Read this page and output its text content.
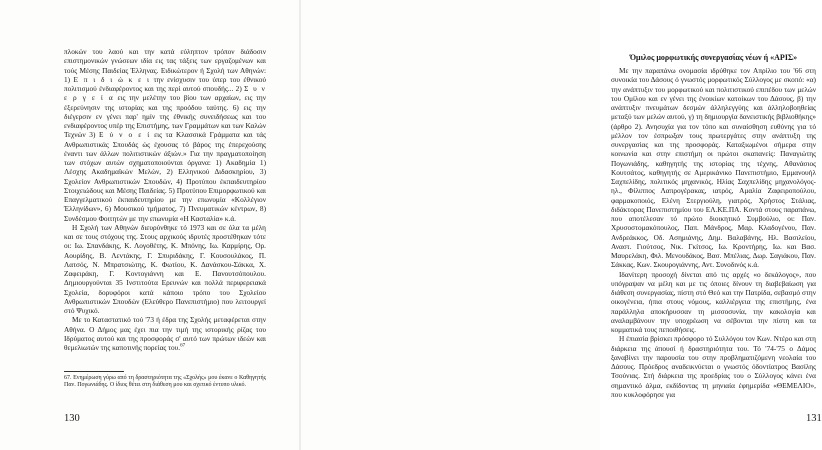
πλοκών του λαού και την κατά εύληπτον τρόπον διάδοσιν επιστημονικών γνώσεων ιδία εις τας τάξεις των εργαζομένων και τούς Μέσης Παιδείας Έλληνας. Ειδικώτερον ή Σχολή των Αθηνών: 1) Ε π ι δ ι ώ κ ε ι την ενίσχυσιν του ύπερ του έθνικού πολιτισμού ένδιαφέροντος και της περί αυτού σπουδής... 2) Σ υ ν ε ρ γ ε ί α εις την μελέτην του βίου των αρχαίων, εις την έξερεύνησιν της ιστορίας και της προόδου ταύτης. 6) εις την διέγερσιν εν γένει παρ' ημίν της έθνικής συνειδήσεως και του ενδιαφέροντος υπέρ της Επιστήμης, των Γραμμάτων και των Καλών Τεχνών 3) Ε ύ ν ο ε ί εις τα Κλασσικά Γράμματα και τάς Ανθρωπιστικάς Σπουδάς ώς έχουσας τό βάρος της έπερεχούσης έναντι των άλλων πολιτιστικών άξιών.» Για την πραγματοποίηση των στόχων αυτών σχηματοποιούνται όργανα: 1) Ακαδημία 1) Λέσχης Ακαδημαϊκών Μελών, 2) Ελληνικού Διδασκηρίου, 3) Σχολείον Ανθρωπιστικών Σπουδών, 4) Προτύπου έκπαιδευτηρίου Στοιχειώδους και Μέσης Παιδείας. 5) Προτύπου Επιμορφωτικού και Επαγγελματικού έκπαιδευτηρίου με την επωνυμία «Κολλέγιον Έλληνίδων», 6) Μουσικού τμήματος, 7) Πνευματικών κέντρων, 8) Συνδέσμου Φοιτητών με την επωνυμία «Η Κασταλία» κ.ά.

Η Σχολή των Αθηνών διευρύνθηκε τό 1973 και σε όλα τα μέλη και σε τους στόχους της. Στους αρχικούς ιδρυτές προστέθηκαν τότε οι: Ιω. Σπανδάκης, Κ. Λογοθέτης, Κ. Μπόνης, Ιω. Καρμίρης, Ορ. Αουρίδης, Β. Λεντάκης, Γ. Σπυριδάκης, Γ. Κουσουλάκος, Π. Λατσός, Ν. Μπρατσιώτης, Κ. Φωτίου, Κ. Δανάσκου-Σάκκα, Χ. Ζαφειράκη, Γ. Κοντογιάννη και Ε. Πανουτσόπουλου. Δημιουργούνται 35 Ινστιτούτα Ερευνών και πολλά περιφερειακά Σχολεία, δορυφόροι κατά κάποιο τρόπο του Σχολείου Ανθρωπιστικών Σπουδών (Ελεύθερο Πανεπιστήμιο) που λειτουργεί στό Ψυχικό.

Με το Καταστατικό τού '73 ή έδρα της Σχολής μεταφέρεται στην Αθήνα. Ο Δήμος μας έχει πια την τιμή της ιστορικής ρίζας του Ιδρύματος αυτού και της προσφοράς σ' αυτό των πρώτων ιδεών και θεμελιωτών της καποτινής πορείας του.$^{67}$

67. Ενημέρωση γύρω από τη δραστηριότητα της «Σχολής» μου έκανε ο Καθηγητής Παν. Πογωνιάδης. Ο ίδιος θέτει στη διάθεση μου και σχετικό έντυπο υλικό.

130

Όμιλος μορφωτικής συνεργασίας νέων ή «ΑΡΙΣ»

Με την παραπάνω ονομασία ιδρύθηκε τον Απρίλιο του '66 στη συνοικία του Δάσους ό γνωστός μορφωτικός Σύλλογος με σκοπό: «α) την ανάπτυξιν του μορφωτικού και πολιτιστικού επιπέδου των μελών του Ομίλου και εν γένει της ένοικίων κατοίκων του Δάσους, β) την ανάπτυξιν πνευμάτων δεσμών άλληλεγγύης και άλληλοβοηθείας μεταξύ των μελών αυτού, γ) τη δημιουργία δανειστικής βιβλιοθήκης» (άρθρο 2). Ανησυχία για τον τόπο και συναίσθηση ευθύνης για τό μέλλον τον έσπρωξαν τους πρωτεργάτες στην ανάπτυξη της συνεργασίας και της προσφοράς. Καταξιωμένοι σήμερα στην κοινωνία και στην επιστήμη οι πρώτοι σκαπανείς: Παναγιώτης Πογωνιάδης, καθηγητής της ιστορίας της τέχνης, Αθανάσιος Κουτσάτος, καθηγητής σε Αμερικάνικο Πανεπιστήμιο, Εμμανουήλ Σαχπελίδης, πολιτικός μηχανικός, Ηλίας Σαχπελίδης μηχανολόγος-ηλ., Φίλιππος Λαπρογέρακας, ιατρός, Αμαλία Ζαφειροπούλου, φαρμακοποιός, Ελένη Στεργιούλη, γιατρός, Χρήστος Στάλιας, διδάκτορας Πανεπιστημίου του ΕΛ.ΚΕ.ΠΑ. Κοντά στους παραπάνω, που αποτέλεσαν τό πρώτο διοικητικό Συμβούλιο, οι: Παν. Χρυσοστομακόπουλος, Παπ. Μάνδρος, Μαρ. Κλαδογένου, Παν. Ανδρεάκκος, Οδ. Ασημιάνης, Δημ. Βαλαβάνης, Ηλ. Βασιλείου, Αναστ. Γιούτσος, Νικ. Γκίτσος, Ιω. Κροντήρης, Ιω. και Βασ. Μαυρελάκη, Φιλ. Μενουδάκος, Βασ. Μπέλιας, Δωρ. Σαγιάκου, Παν. Σάκκας, Κων. Σκουρογιάννης, Αντ. Συνοδινός κ.ά.

Ιδανίτερη προσοχή δίνεται από τις αρχές «ο δεκάλογος», που υπόγραψαν να μέλη και με τις όποιες δίνουν τη διαβεβαίωση για διάθεση συνεργασίας, πίστη στό Θεό και την Πατρίδα, σεβασμό στην οικογένεια, ήπια στους νόμους, καλλιέργεια της επιστήμης, ένα παράλληλα αποκήρυσσαν τη μισσοσυνία, την κακολογία και αναλαμβάνουν την υποχρέωση να σέβονται την πίστη και τα κομματικά τους πεποιθήσεις.

Η έπιασία βρίσκει πρόσφορο τό Συλλόγου τον Κων. Ντέρο και στη διάρκεια της άπουσί ή δραστηριότητα του. Τό '74-'75 ο Δάμος ξαναβίνει την παρουσία του στην προβληματιζόμενη νεολαία του Δάσους. Πρόεδρος αναδεικνύεται ο γνωστός όδοντίατρος Βασίλης Τσούνιας. Στή διάρκεια της προεδρίας του ο Σύλλογος κάνει ένα σημαντικό άλμα, εκδίδοντας τη μηνιαία έφημερίδα «ΘΕΜΕΛΙΟ», που κυκλοφόρησε για

131
